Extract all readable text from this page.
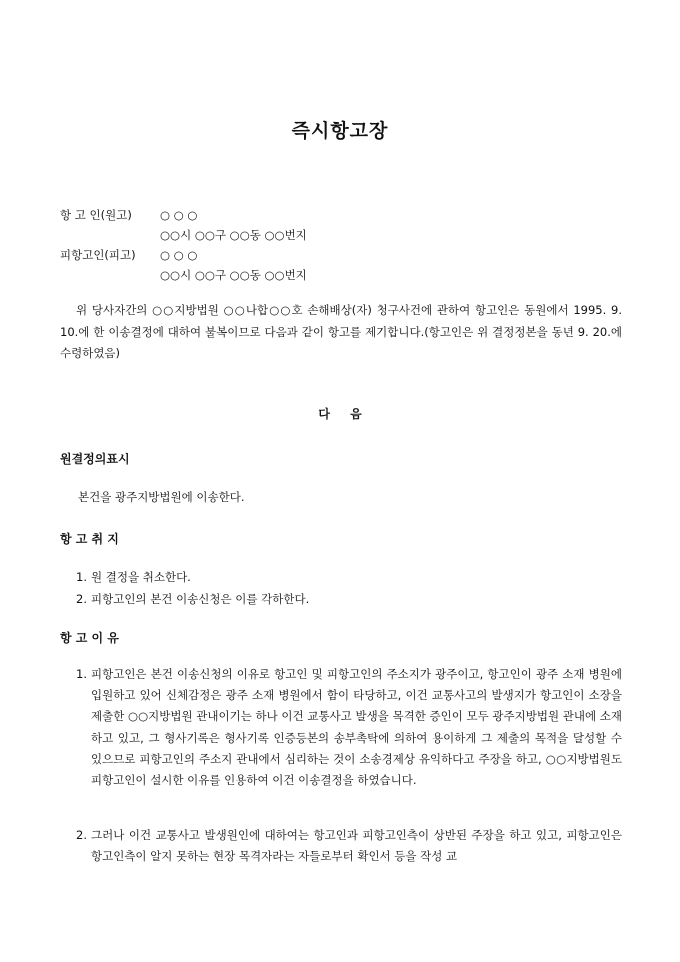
즉시항고장
항 고 인(원고) ○ ○ ○
○○시 ○○구 ○○동 ○○번지
피항고인(피고) ○ ○ ○
○○시 ○○구 ○○동 ○○번지
위 당사자간의 ○○지방법원 ○○나합○○호 손해배상(자) 청구사건에 관하여 항고인은 동원에서 1995. 9. 10.에 한 이송결정에 대하여 불복이므로 다음과 같이 항고를 제기합니다.(항고인은 위 결정정본을 동년 9. 20.에 수령하였음)
다 음
원결정의표시
본건을 광주지방법원에 이송한다.
항 고 취 지
1. 원 결정을 취소한다.
2. 피항고인의 본건 이송신청은 이를 각하한다.
항 고 이 유
1. 피항고인은 본건 이송신청의 이유로 항고인 및 피항고인의 주소지가 광주이고, 항고인이 광주 소재 병원에 입원하고 있어 신체감정은 광주 소재 병원에서 함이 타당하고, 이건 교통사고의 발생지가 항고인이 소장을 제출한 ○○지방법원 관내이기는 하나 이건 교통사고 발생을 목격한 증인이 모두 광주지방법원 관내에 소재하고 있고, 그 형사기록은 형사기록 인증등본의 송부촉탁에 의하여 용이하게 그 제출의 목적을 달성할 수 있으므로 피항고인의 주소지 관내에서 심리하는 것이 소송경제상 유익하다고 주장을 하고, ○○지방법원도 피항고인이 설시한 이유를 인용하여 이건 이송결정을 하였습니다.
2. 그러나 이건 교통사고 발생원인에 대하여는 항고인과 피항고인측이 상반된 주장을 하고 있고, 피항고인은 항고인측이 알지 못하는 현장 목격자라는 자들로부터 확인서 등을 작성 교
